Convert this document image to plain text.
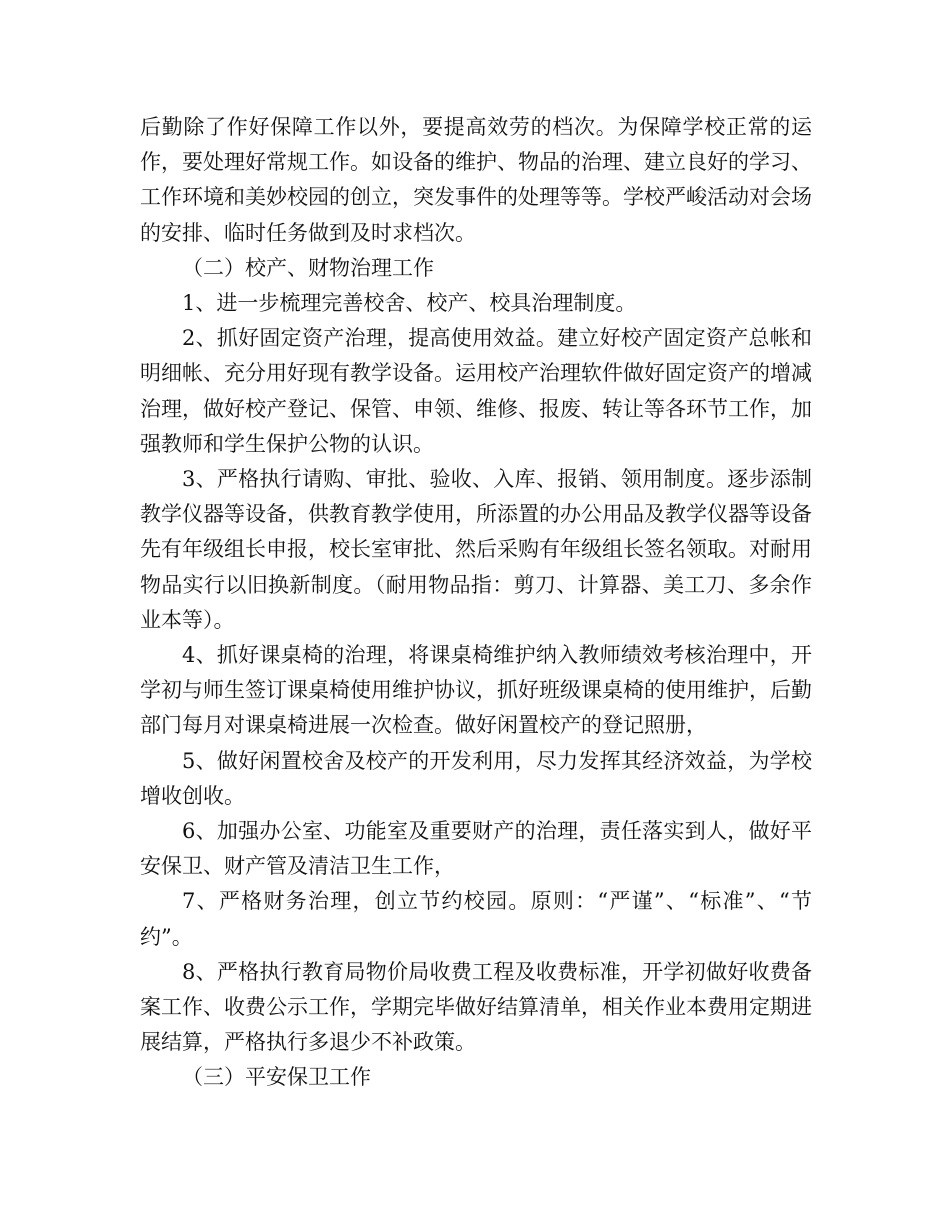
后勤除了作好保障工作以外，要提高效劳的档次。为保障学校正常的运作，要处理好常规工作。如设备的维护、物品的治理、建立良好的学习、工作环境和美妙校园的创立，突发事件的处理等等。学校严峻活动对会场的安排、临时任务做到及时求档次。

（二）校产、财物治理工作

1、进一步梳理完善校舍、校产、校具治理制度。

2、抓好固定资产治理，提高使用效益。建立好校产固定资产总帐和明细帐、充分用好现有教学设备。运用校产治理软件做好固定资产的增减治理，做好校产登记、保管、申领、维修、报废、转让等各环节工作，加强教师和学生保护公物的认识。

3、严格执行请购、审批、验收、入库、报销、领用制度。逐步添制教学仪器等设备，供教育教学使用，所添置的办公用品及教学仪器等设备先有年级组长申报，校长室审批、然后采购有年级组长签名领取。对耐用物品实行以旧换新制度。（耐用物品指：剪刀、计算器、美工刀、多余作业本等）。

4、抓好课桌椅的治理，将课桌椅维护纳入教师绩效考核治理中，开学初与师生签订课桌椅使用维护协议，抓好班级课桌椅的使用维护，后勤部门每月对课桌椅进展一次检查。做好闲置校产的登记照册，

5、做好闲置校舍及校产的开发利用，尽力发挥其经济效益，为学校增收创收。

6、加强办公室、功能室及重要财产的治理，责任落实到人，做好平安保卫、财产管及清洁卫生工作，

7、严格财务治理，创立节约校园。原则：“严谨”、“标准”、“节约”。

8、严格执行教育局物价局收费工程及收费标准，开学初做好收费备案工作、收费公示工作，学期完毕做好结算清单，相关作业本费用定期进展结算，严格执行多退少不补政策。

（三）平安保卫工作
